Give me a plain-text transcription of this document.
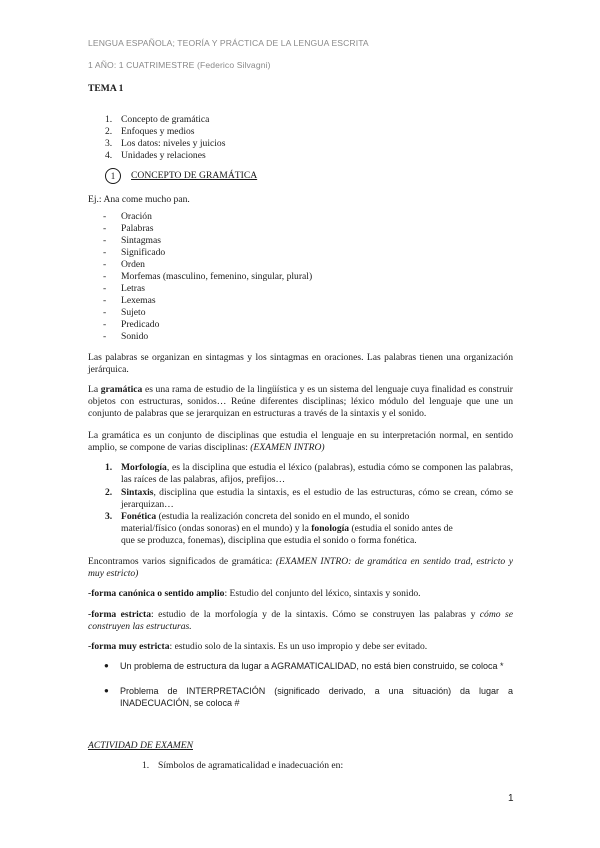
LENGUA ESPAÑOLA; TEORÍA Y PRÁCTICA DE LA LENGUA ESCRITA
1 AÑO: 1 CUATRIMESTRE (Federico Silvagni)
TEMA 1
1. Concepto de gramática
2. Enfoques y medios
3. Los datos: niveles y juicios
4. Unidades y relaciones
1	CONCEPTO DE GRAMÁTICA
Ej.: Ana come mucho pan.
- Oración
- Palabras
- Sintagmas
- Significado
- Orden
- Morfemas (masculino, femenino, singular, plural)
- Letras
- Lexemas
- Sujeto
- Predicado
- Sonido
Las palabras se organizan en sintagmas y los sintagmas en oraciones. Las palabras tienen una organización jerárquica.
La gramática es una rama de estudio de la lingüística y es un sistema del lenguaje cuya finalidad es construir objetos con estructuras, sonidos… Reúne diferentes disciplinas; léxico módulo del lenguaje que une un conjunto de palabras que se jerarquizan en estructuras a través de la sintaxis y el sonido.
La gramática es un conjunto de disciplinas que estudia el lenguaje en su interpretación normal, en sentido amplio, se compone de varias disciplinas: (EXAMEN INTRO)
1. Morfología, es la disciplina que estudia el léxico (palabras), estudia cómo se componen las palabras, las raíces de las palabras, afijos, prefijos…
2. Sintaxis, disciplina que estudia la sintaxis, es el estudio de las estructuras, cómo se crean, cómo se jerarquizan…
3. Fonética (estudia la realización concreta del sonido en el mundo, el sonido material/físico (ondas sonoras) en el mundo) y la fonología (estudia el sonido antes de que se produzca, fonemas), disciplina que estudia el sonido o forma fonética.
Encontramos varios significados de gramática: (EXAMEN INTRO: de gramática en sentido trad, estricto y muy estricto)
-forma canónica o sentido amplio: Estudio del conjunto del léxico, sintaxis y sonido.
-forma estricta: estudio de la morfología y de la sintaxis. Cómo se construyen las palabras y cómo se construyen las estructuras.
-forma muy estricta: estudio solo de la sintaxis. Es un uso impropio y debe ser evitado.
● Un problema de estructura da lugar a AGRAMATICALIDAD, no está bien construido, se coloca *
● Problema de INTERPRETACIÓN (significado derivado, a una situación) da lugar a INADECUACIÓN, se coloca #
ACTIVIDAD DE EXAMEN
1. Símbolos de agramaticalidad e inadecuación en:
1
